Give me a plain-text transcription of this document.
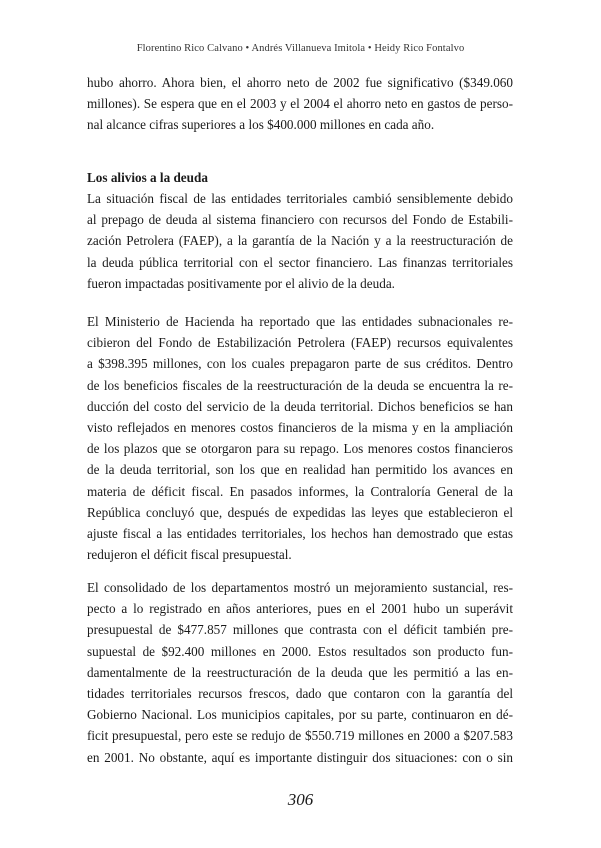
Florentino Rico Calvano • Andrés Villanueva Imitola • Heidy Rico Fontalvo
hubo ahorro. Ahora bien, el ahorro neto de 2002 fue significativo ($349.060
millones). Se espera que en el 2003 y el 2004 el ahorro neto en gastos de perso-
nal alcance cifras superiores a los $400.000 millones en cada año.
Los alivios a la deuda
La situación fiscal de las entidades territoriales cambió sensiblemente debido
al prepago de deuda al sistema financiero con recursos del Fondo de Estabili-
zación Petrolera (FAEP), a la garantía de la Nación y a la reestructuración de
la deuda pública territorial con el sector financiero. Las finanzas territoriales
fueron impactadas positivamente por el alivio de la deuda.
El Ministerio de Hacienda ha reportado que las entidades subnacionales re-
cibieron del Fondo de Estabilización Petrolera (FAEP) recursos equivalentes
a $398.395 millones, con los cuales prepagaron parte de sus créditos. Dentro
de los beneficios fiscales de la reestructuración de la deuda se encuentra la re-
ducción del costo del servicio de la deuda territorial. Dichos beneficios se han
visto reflejados en menores costos financieros de la misma y en la ampliación
de los plazos que se otorgaron para su repago. Los menores costos financieros
de la deuda territorial, son los que en realidad han permitido los avances en
materia de déficit fiscal. En pasados informes, la Contraloría General de la
República concluyó que, después de expedidas las leyes que establecieron el
ajuste fiscal a las entidades territoriales, los hechos han demostrado que estas
redujeron el déficit fiscal presupuestal.
El consolidado de los departamentos mostró un mejoramiento sustancial, res-
pecto a lo registrado en años anteriores, pues en el 2001 hubo un superávit
presupuestal de $477.857 millones que contrasta con el déficit también pre-
supuestal de $92.400 millones en 2000. Estos resultados son producto fun-
damentalmente de la reestructuración de la deuda que les permitió a las en-
tidades territoriales recursos frescos, dado que contaron con la garantía del
Gobierno Nacional. Los municipios capitales, por su parte, continuaron en dé-
ficit presupuestal, pero este se redujo de $550.719 millones en 2000 a $207.583
en 2001. No obstante, aquí es importante distinguir dos situaciones: con o sin
306
